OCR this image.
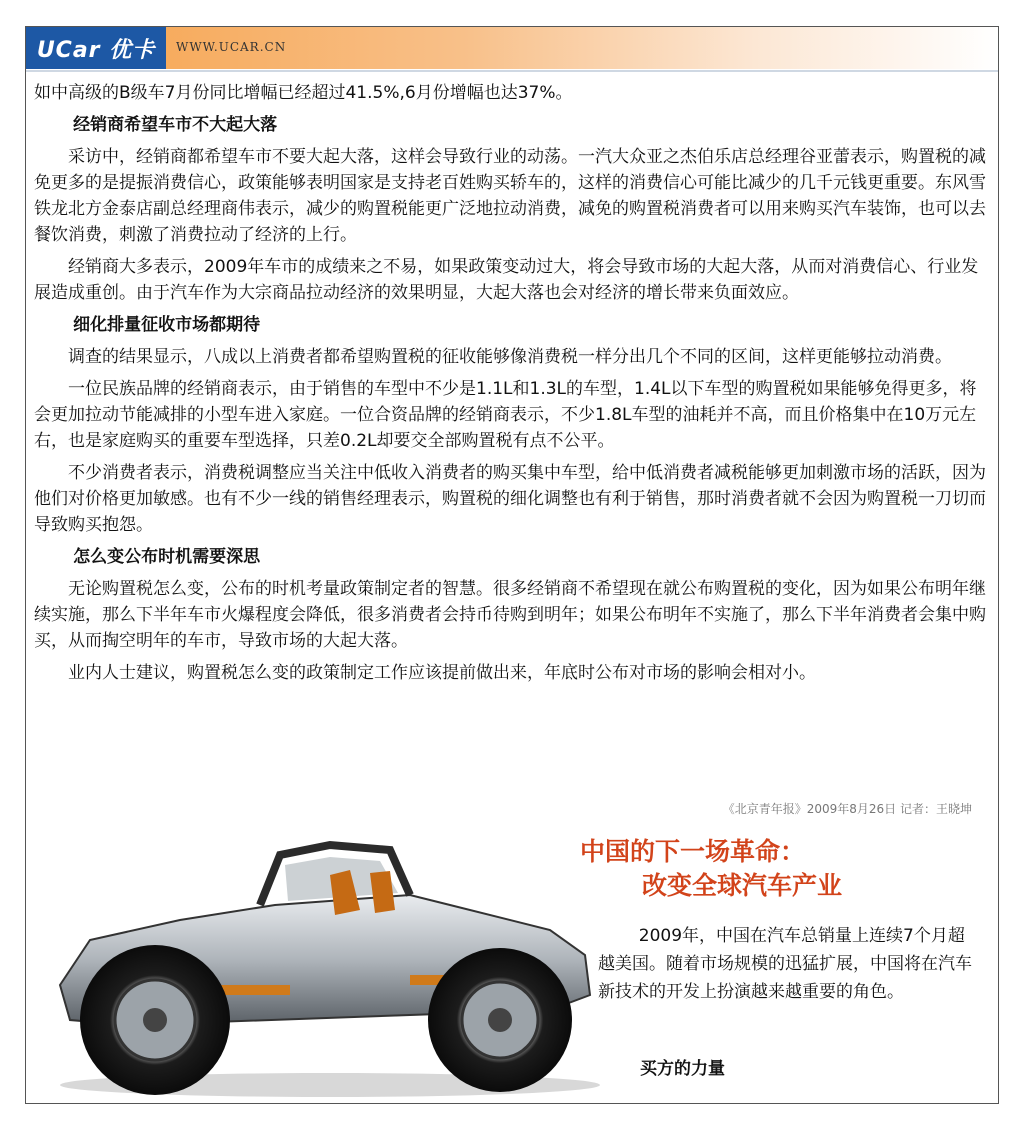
UCar 优卡 WWW.UCAR.CN

如中高级的B级车7月份同比增幅已经超过41.5%,6月份增幅也达37%。

经销商希望车市不大起大落

采访中，经销商都希望车市不要大起大落，这样会导致行业的动荡。一汽大众亚之杰伯乐店总经理谷亚蕾表示，购置税的减免更多的是提振消费信心，政策能够表明国家是支持老百姓购买轿车的，这样的消费信心可能比减少的几千元钱更重要。东风雪铁龙北方金泰店副总经理商伟表示，减少的购置税能更广泛地拉动消费，减免的购置税消费者可以用来购买汽车装饰，也可以去餐饮消费，刺激了消费拉动了经济的上行。

经销商大多表示，2009年车市的成绩来之不易，如果政策变动过大，将会导致市场的大起大落，从而对消费信心、行业发展造成重创。由于汽车作为大宗商品拉动经济的效果明显，大起大落也会对经济的增长带来负面效应。

细化排量征收市场都期待

调查的结果显示，八成以上消费者都希望购置税的征收能够像消费税一样分出几个不同的区间，这样更能够拉动消费。

一位民族品牌的经销商表示，由于销售的车型中不少是1.1L和1.3L的车型，1.4L以下车型的购置税如果能够免得更多，将会更加拉动节能减排的小型车进入家庭。一位合资品牌的经销商表示，不少1.8L车型的油耗并不高，而且价格集中在10万元左右，也是家庭购买的重要车型选择，只差0.2L却要交全部购置税有点不公平。

不少消费者表示，消费税调整应当关注中低收入消费者的购买集中车型，给中低消费者减税能够更加刺激市场的活跃，因为他们对价格更加敏感。也有不少一线的销售经理表示，购置税的细化调整也有利于销售，那时消费者就不会因为购置税一刀切而导致购买抱怨。

怎么变公布时机需要深思

无论购置税怎么变，公布的时机考量政策制定者的智慧。很多经销商不希望现在就公布购置税的变化，因为如果公布明年继续实施，那么下半年车市火爆程度会降低，很多消费者会持币待购到明年；如果公布明年不实施了，那么下半年消费者会集中购买，从而掏空明年的车市，导致市场的大起大落。

业内人士建议，购置税怎么变的政策制定工作应该提前做出来，年底时公布对市场的影响会相对小。

《北京青年报》2009年8月26日 记者：王晓坤
中国的下一场革命：
改变全球汽车产业

2009年，中国在汽车总销量上连续7个月超越美国。随着市场规模的迅猛扩展，中国将在汽车新技术的开发上扮演越来越重要的角色。

买方的力量
